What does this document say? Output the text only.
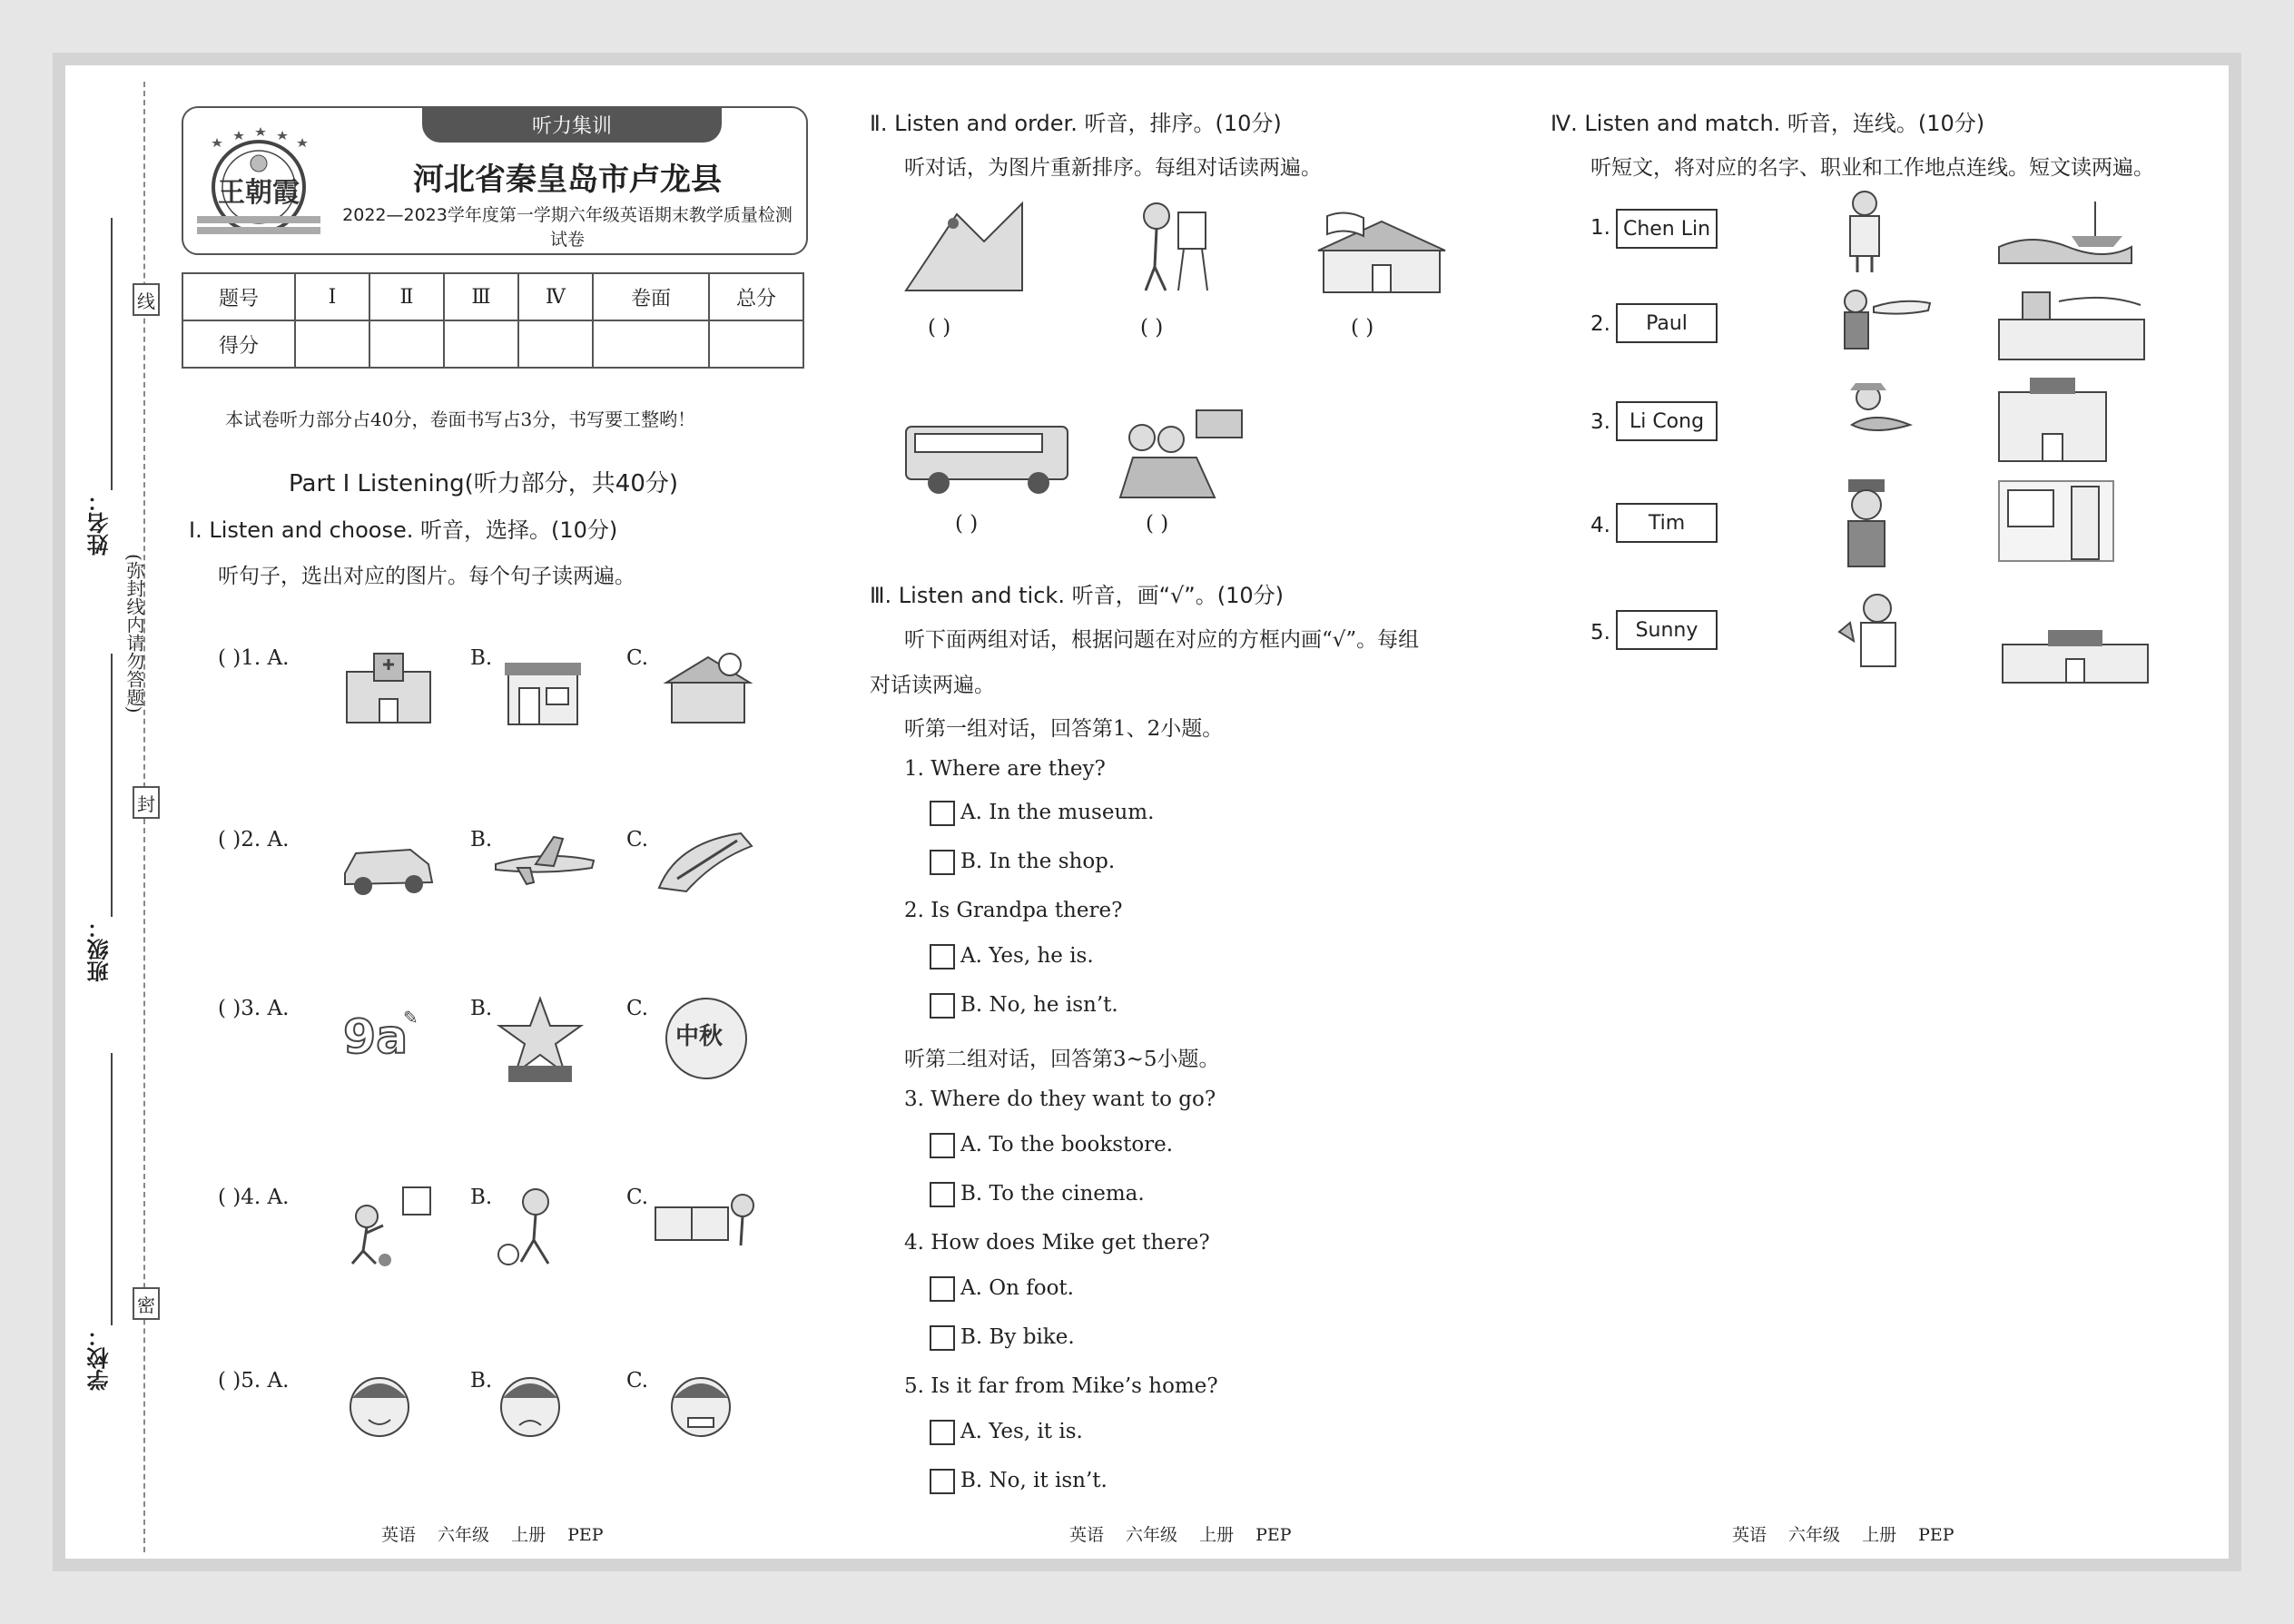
线
封
密
(弥封线内请勿答题)
姓名：
班级：
学校：
听力集训
王朝霞	河北省秦皇岛市卢龙县
2022—2023学年度第一学期六年级英语期末教学质量检测试卷
题号	Ⅰ	Ⅱ	Ⅲ	Ⅳ	卷面	总分
得分						
本试卷听力部分占40分，卷面书写占3分，书写要工整哟！
Part Ⅰ Listening(听力部分，共40分)
Ⅰ. Listen and choose. 听音，选择。(10分)
听句子，选出对应的图片。每个句子读两遍。
( )1. A.	B.	C.
( )2. A.	B.	C.
( )3. A.	B.	C.
9a
✎
中秋
( )4. A.	B.	C.
( )5. A.	B.	C.
Ⅱ. Listen and order. 听音，排序。(10分)
听对话，为图片重新排序。每组对话读两遍。
( )	( )	( )
( )	( )
Ⅲ. Listen and tick. 听音，画“√”。(10分)
听下面两组对话，根据问题在对应的方框内画“√”。每组
对话读两遍。
听第一组对话，回答第1、2小题。
1. Where are they?
A. In the museum.
B. In the shop.
2. Is Grandpa there?
A. Yes, he is.
B. No, he isn’t.
听第二组对话，回答第3~5小题。
3. Where do they want to go?
A. To the bookstore.
B. To the cinema.
4. How does Mike get there?
A. On foot.
B. By bike.
5. Is it far from Mike’s home?
A. Yes, it is.
B. No, it isn’t.
Ⅳ. Listen and match. 听音，连线。(10分)
听短文，将对应的名字、职业和工作地点连线。短文读两遍。
1. Chen Lin
2.	Paul
3. Li Cong
4.	Tim
5.	Sunny
英语 六年级 上册 PEP	英语 六年级 上册 PEP	英语 六年级 上册 PEP
